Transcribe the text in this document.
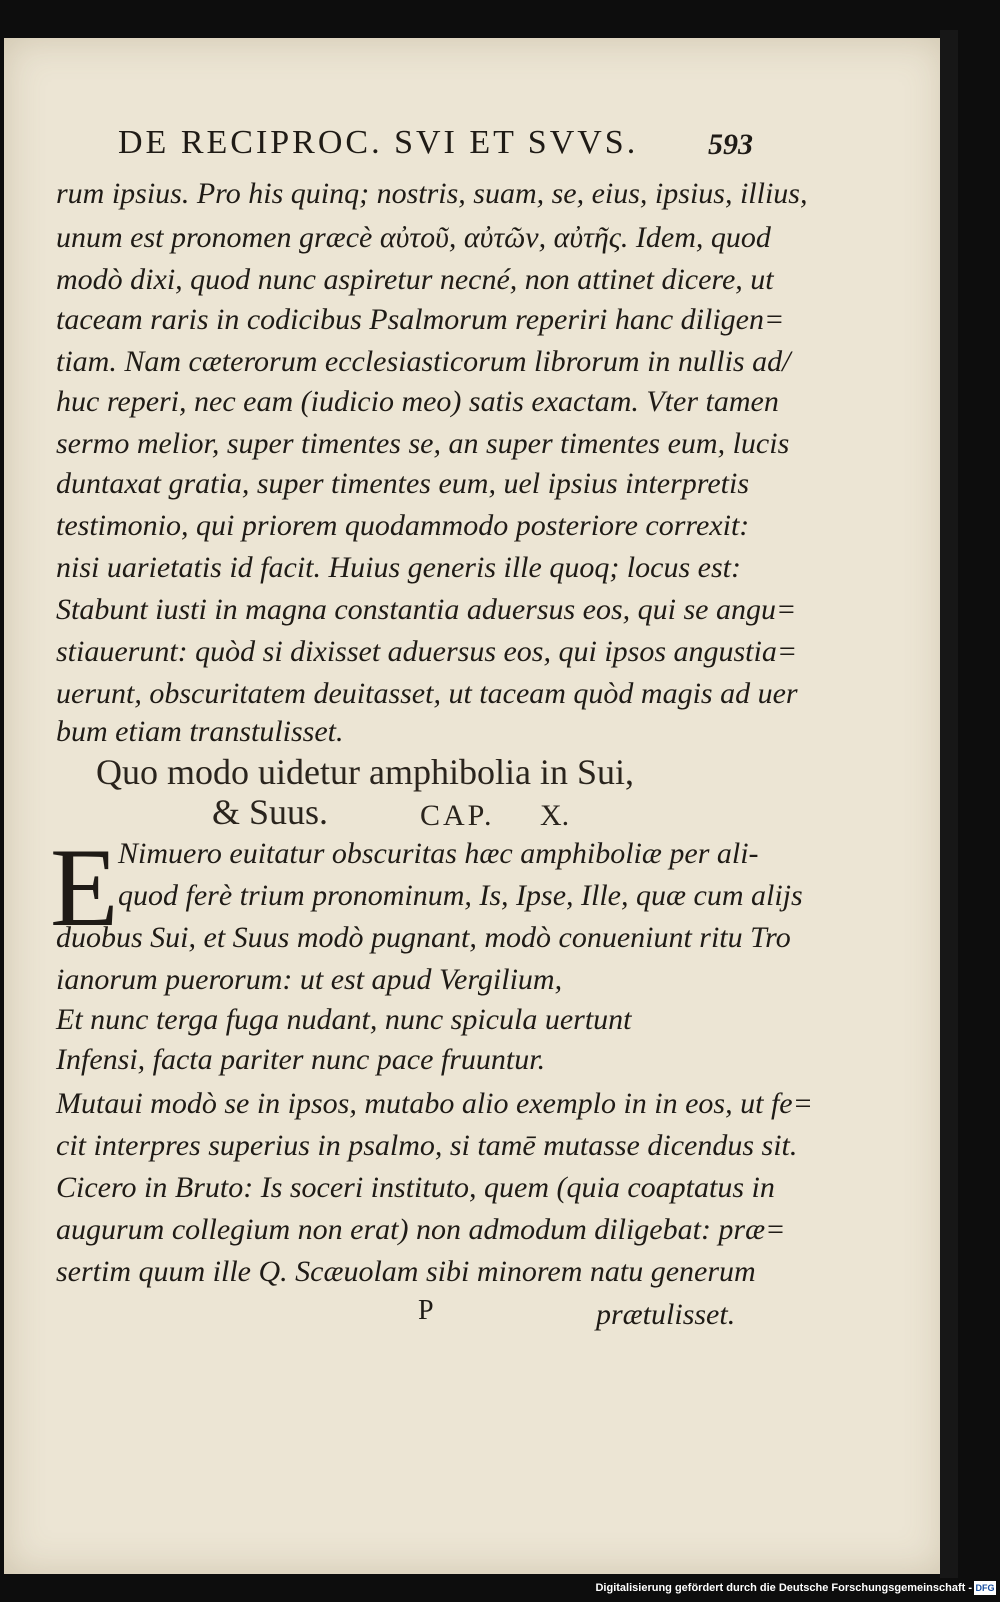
DE RECIPROC. SVI ET SVVS.	593
rum ipsius. Pro his quinq; nostris, suam, se, eius, ipsius, illius,
unum est pronomen græcè αὐτοῦ, αὐτῶν, αὐτῆς. Idem, quod
modò dixi, quod nunc aspiretur necné, non attinet dicere, ut
taceam raris in codicibus Psalmorum reperiri hanc diligen=
tiam. Nam cæterorum ecclesiasticorum librorum in nullis ad/
huc reperi, nec eam (iudicio meo) satis exactam. Vter tamen
sermo melior, super timentes se, an super timentes eum, lucis
duntaxat gratia, super timentes eum, uel ipsius interpretis
testimonio, qui priorem quodammodo posteriore correxit:
nisi uarietatis id facit. Huius generis ille quoq; locus est:
Stabunt iusti in magna constantia aduersus eos, qui se angu=
stiauerunt: quòd si dixisset aduersus eos, qui ipsos angustia=
uerunt, obscuritatem deuitasset, ut taceam quòd magis ad uer
bum etiam transtulisset.
Quo modo uidetur amphibolia in Sui,
& Suus.	CAP. X.
E Nimuero euitatur obscuritas hæc amphiboliæ per ali-
quod ferè trium pronominum, Is, Ipse, Ille, quæ cum alijs
duobus Sui, et Suus modò pugnant, modò conueniunt ritu Tro
ianorum puerorum: ut est apud Vergilium,
Et nunc terga fuga nudant, nunc spicula uertunt
Infensi, facta pariter nunc pace fruuntur.
Mutaui modò se in ipsos, mutabo alio exemplo in in eos, ut fe=
cit interpres superius in psalmo, si tamē mutasse dicendus sit.
Cicero in Bruto: Is soceri instituto, quem (quia coaptatus in
augurum collegium non erat) non admodum diligebat: præ=
sertim quum ille Q. Scæuolam sibi minorem natu generum
P	prætulisset.
Digitalisierung gefördert durch die Deutsche Forschungsgemeinschaft - DFG
